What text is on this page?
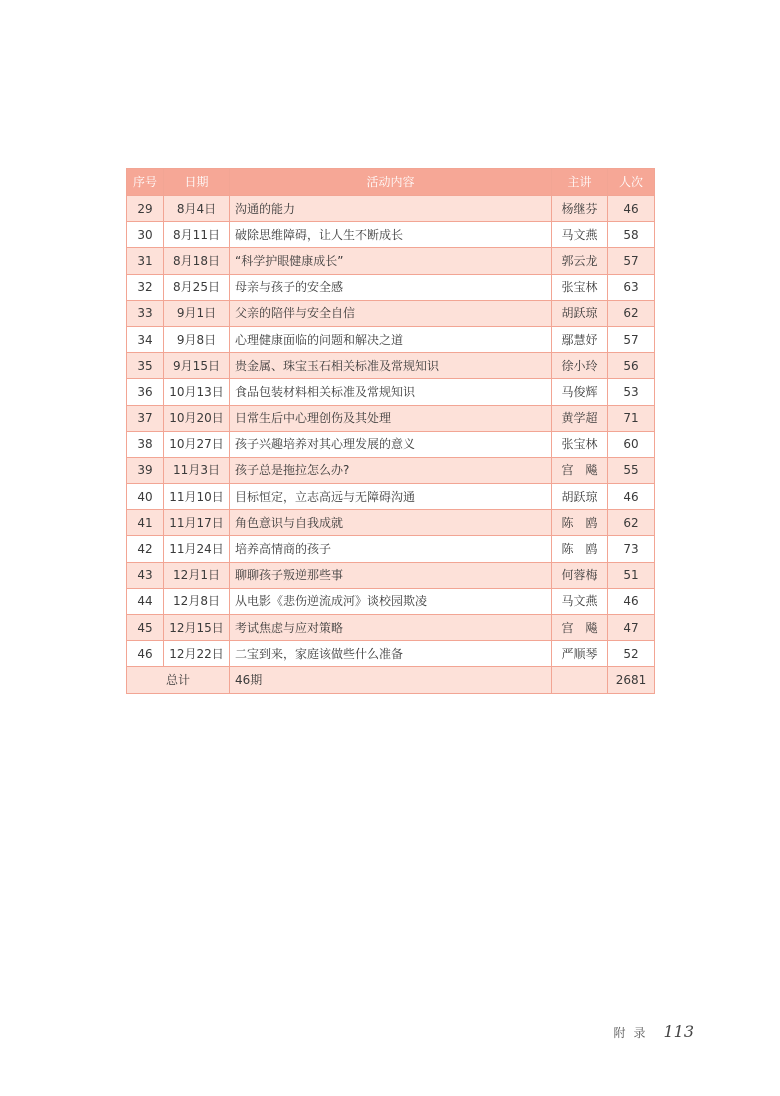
序号	日期	活动内容	主讲	人次
29	8月4日	沟通的能力	杨继芬	46
30	8月11日	破除思维障碍，让人生不断成长	马文燕	58
31	8月18日	“科学护眼健康成长”	郭云龙	57
32	8月25日	母亲与孩子的安全感	张宝林	63
33	9月1日	父亲的陪伴与安全自信	胡跃琼	62
34	9月8日	心理健康面临的问题和解决之道	鄢慧妤	57
35	9月15日	贵金属、珠宝玉石相关标准及常规知识	徐小玲	56
36	10月13日	食品包装材料相关标准及常规知识	马俊辉	53
37	10月20日	日常生后中心理创伤及其处理	黄学超	71
38	10月27日	孩子兴趣培养对其心理发展的意义	张宝林	60
39	11月3日	孩子总是拖拉怎么办?	宫　飚	55
40	11月10日	目标恒定，立志高远与无障碍沟通	胡跃琼	46
41	11月17日	角色意识与自我成就	陈　鸥	62
42	11月24日	培养高情商的孩子	陈　鸥	73
43	12月1日	聊聊孩子叛逆那些事	何蓉梅	51
44	12月8日	从电影《悲伤逆流成河》谈校园欺凌	马文燕	46
45	12月15日	考试焦虑与应对策略	宫　飚	47
46	12月22日	二宝到来，家庭该做些什么准备	严顺琴	52
总计		46期		2681
附录 113
